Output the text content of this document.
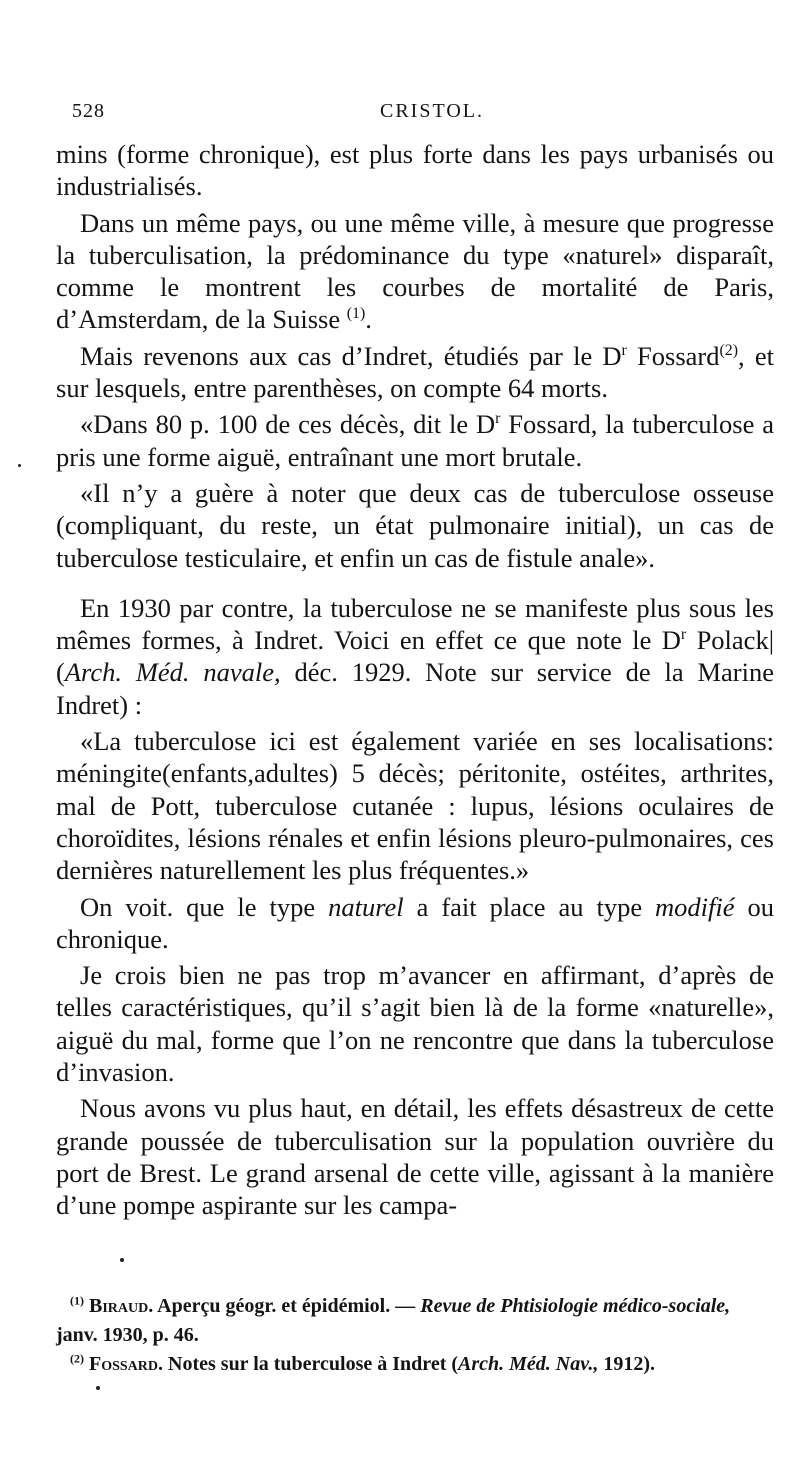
528	CRISTOL.

mins (forme chronique), est plus forte dans les pays urbanisés ou industrialisés.

Dans un même pays, ou une même ville, à mesure que progresse la tuberculisation, la prédominance du type «naturel» disparaît, comme le montrent les courbes de mortalité de Paris, d’Amsterdam, de la Suisse $^{(1)}$.

Mais revenons aux cas d’Indret, étudiés par le $D^r$ Fossard$^{(2)}$, et sur lesquels, entre parenthèses, on compte 64 morts.

«Dans 80 p. 100 de ces décès, dit le $D^r$ Fossard, la tuberculose a pris une forme aiguë, entraînant une mort brutale.

«Il n’y a guère à noter que deux cas de tuberculose osseuse (compliquant, du reste, un état pulmonaire initial), un cas de tuberculose testiculaire, et enfin un cas de fistule anale».

En 1930 par contre, la tuberculose ne se manifeste plus sous les mêmes formes, à Indret. Voici en effet ce que note le $D^r$ Polack| (Arch. Méd. navale, déc. 1929. Note sur service de la Marine Indret) :

«La tuberculose ici est également variée en ses localisations: méningite(enfants,adultes) 5 décès; péritonite, ostéites, arthrites, mal de Pott, tuberculose cutanée : lupus, lésions oculaires de choroïdites, lésions rénales et enfin lésions pleuro-pulmonaires, ces dernières naturellement les plus fréquentes.»

On voit. que le type naturel a fait place au type modifié ou chronique.

Je crois bien ne pas trop m’avancer en affirmant, d’après de telles caractéristiques, qu’il s’agit bien là de la forme «naturelle», aiguë du mal, forme que l’on ne rencontre que dans la tuberculose d’invasion.

Nous avons vu plus haut, en détail, les effets désastreux de cette grande poussée de tuberculisation sur la population ouvrière du port de Brest. Le grand arsenal de cette ville, agissant à la manière d’une pompe aspirante sur les campa-

$^{(1)}$ Biraud. Aperçu géogr. et épidémiol. — Revue de Phtisiologie médico-sociale, janv. 1930, p. 46.

$^{(2)}$ Fossard. Notes sur la tuberculose à Indret (Arch. Méd. Nav., 1912).
